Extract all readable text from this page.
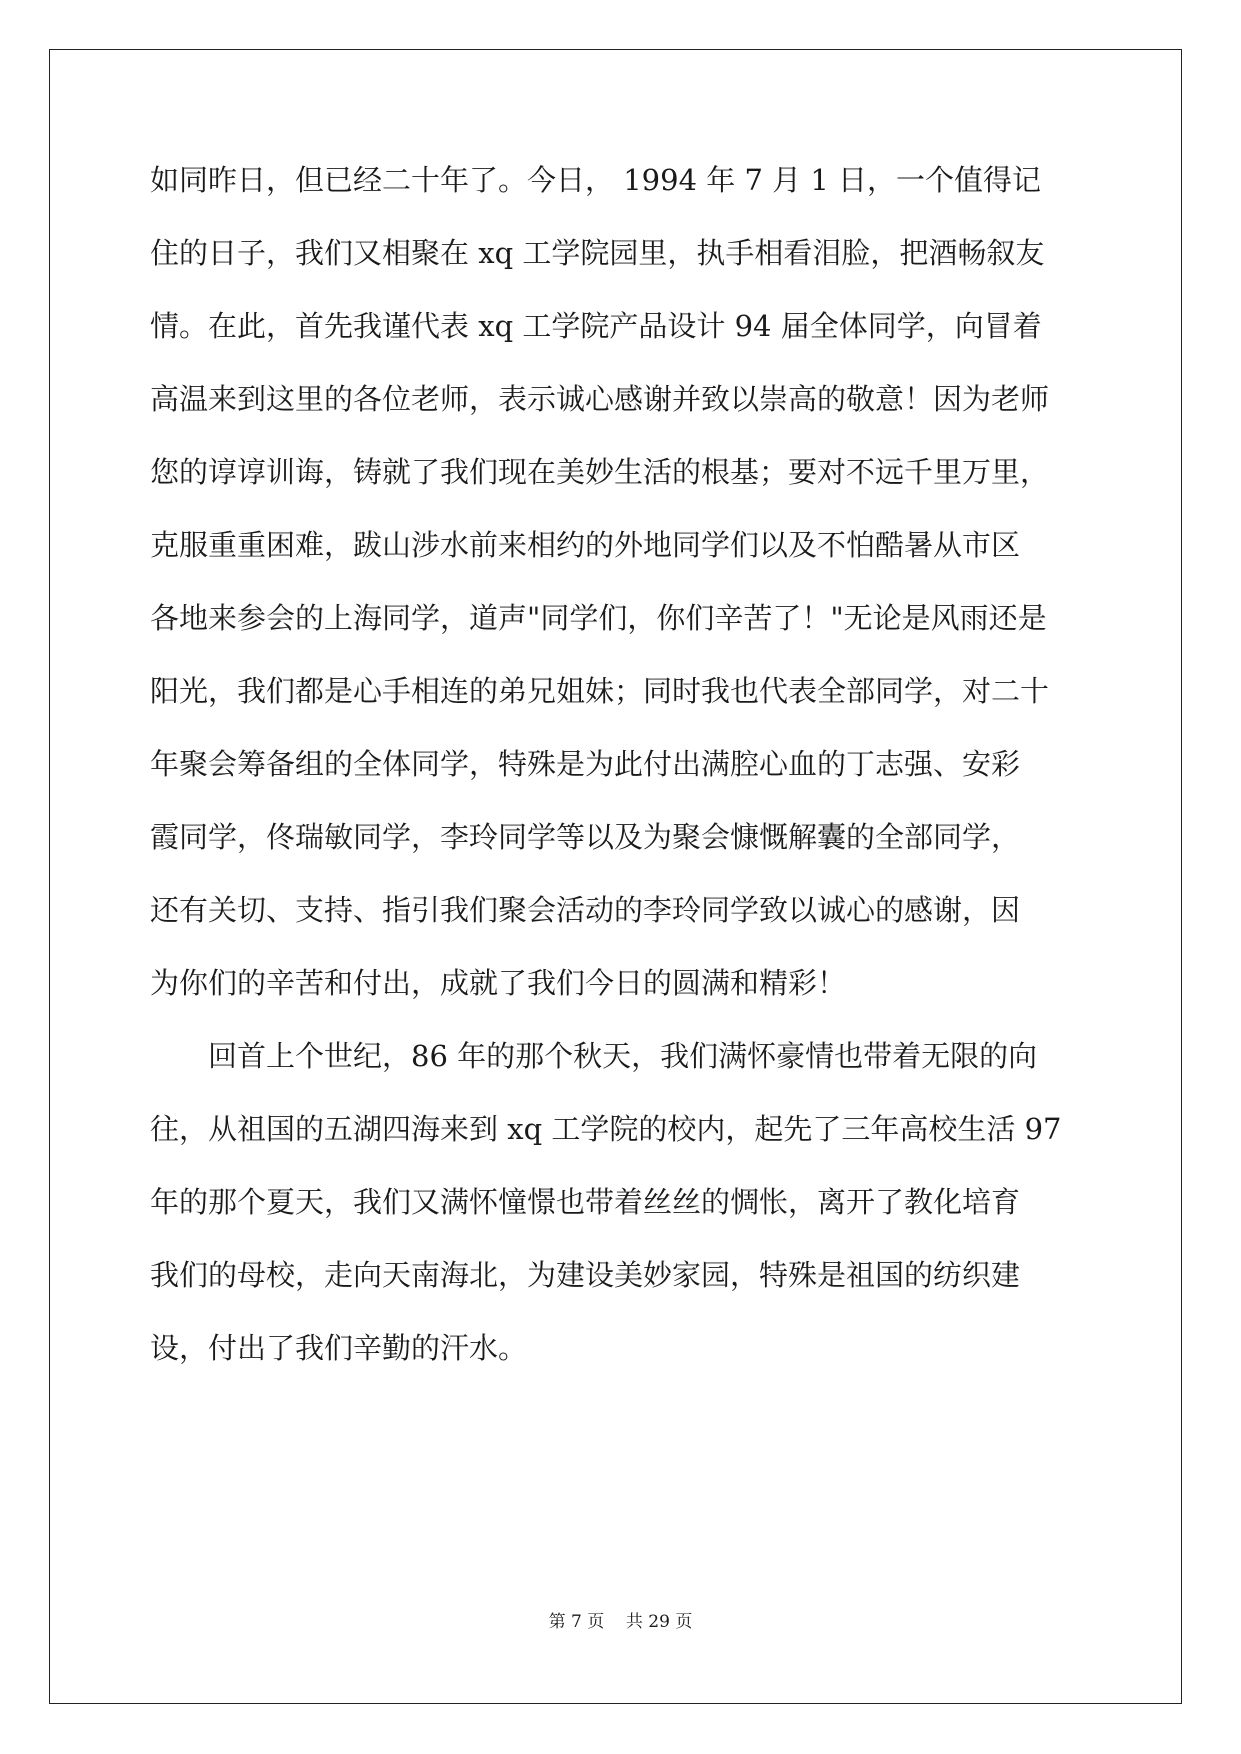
如同昨日，但已经二十年了。今日， 1994 年 7 月 1 日，一个值得记
住的日子，我们又相聚在 xq 工学院园里，执手相看泪脸，把酒畅叙友
情。在此，首先我谨代表 xq 工学院产品设计 94 届全体同学，向冒着
高温来到这里的各位老师，表示诚心感谢并致以崇高的敬意！因为老师
您的谆谆训诲，铸就了我们现在美妙生活的根基；要对不远千里万里，
克服重重困难，跋山涉水前来相约的外地同学们以及不怕酷暑从市区
各地来参会的上海同学，道声"同学们，你们辛苦了！"无论是风雨还是
阳光，我们都是心手相连的弟兄姐妹；同时我也代表全部同学，对二十
年聚会筹备组的全体同学，特殊是为此付出满腔心血的丁志强、安彩
霞同学，佟瑞敏同学，李玲同学等以及为聚会慷慨解囊的全部同学，
还有关切、支持、指引我们聚会活动的李玲同学致以诚心的感谢，因
为你们的辛苦和付出，成就了我们今日的圆满和精彩！
　　回首上个世纪，86 年的那个秋天，我们满怀豪情也带着无限的向
往，从祖国的五湖四海来到 xq 工学院的校内，起先了三年高校生活 97
年的那个夏天，我们又满怀憧憬也带着丝丝的惆怅，离开了教化培育
我们的母校，走向天南海北，为建设美妙家园，特殊是祖国的纺织建
设，付出了我们辛勤的汗水。
第 7 页 共 29 页
